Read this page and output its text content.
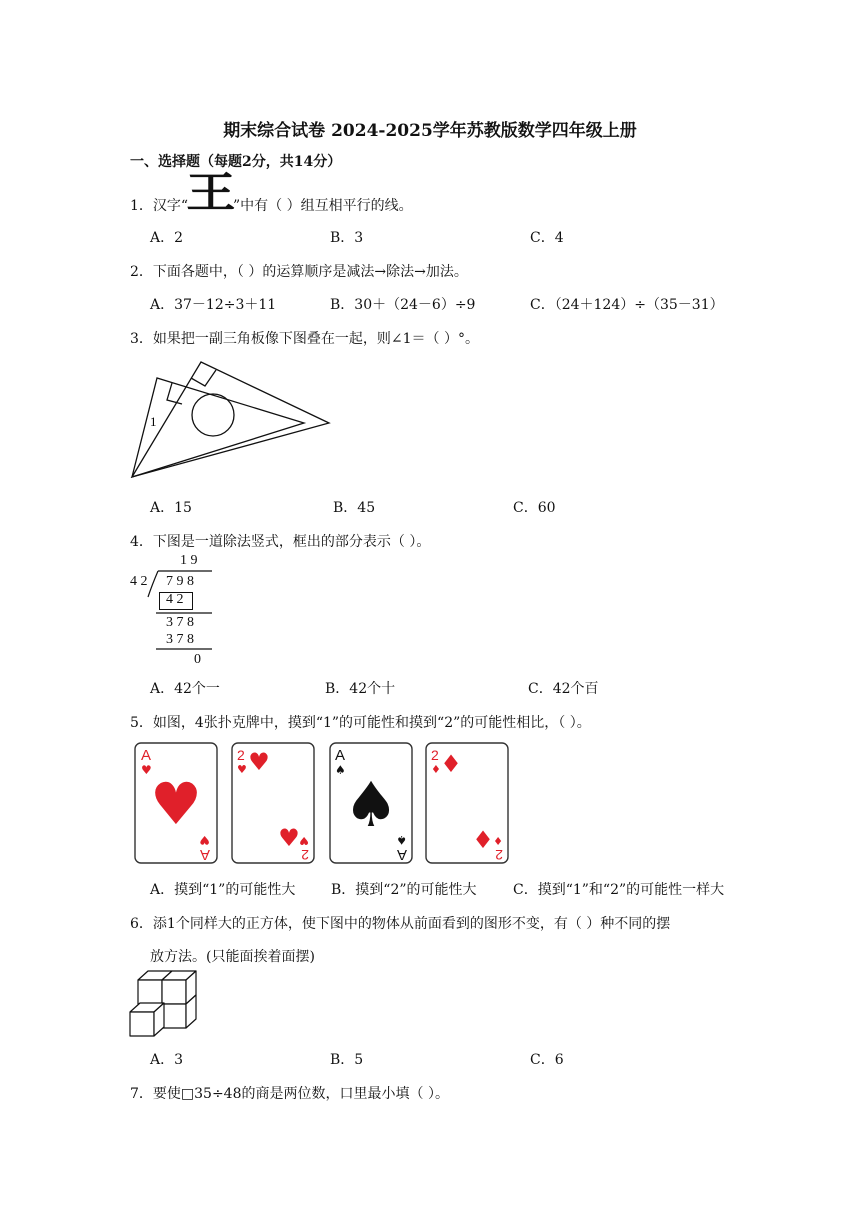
期末综合试卷 2024-2025学年苏教版数学四年级上册
一、选择题（每题2分，共14分）
1．汉字“
王
”中有（ ）组互相平行的线。
A．2	B．3	C．4
2．下面各题中，（ ）的运算顺序是减法→除法→加法。
A．37－12÷3＋11	B．30＋（24－6）÷9	C．（24＋124）÷（35－31）
3．如果把一副三角板像下图叠在一起，则∠1＝（ ）°。
1
A．15	B．45	C．60
4．下图是一道除法竖式，框出的部分表示（ ）。
1 9
4 2 7 9 8
4 2
3 7 8
3 7 8
0
A．42个一	B．42个十	C．42个百
5．如图，4张扑克牌中，摸到“1”的可能性和摸到“2”的可能性相比，（ ）。
A
♥
♥
A
♥
2
♥ ♥
♥
2
♥
A
♠
♠
A
♠
2
♦ ♦
♦
2
♦
A．摸到“1”的可能性大	B．摸到“2”的可能性大	C．摸到“1”和“2”的可能性一样大
6．添1个同样大的正方体，使下图中的物体从前面看到的图形不变，有（ ）种不同的摆
放方法。(只能面挨着面摆)
A．3	B．5	C．6
7．要使□35÷48的商是两位数，口里最小填（ ）。
